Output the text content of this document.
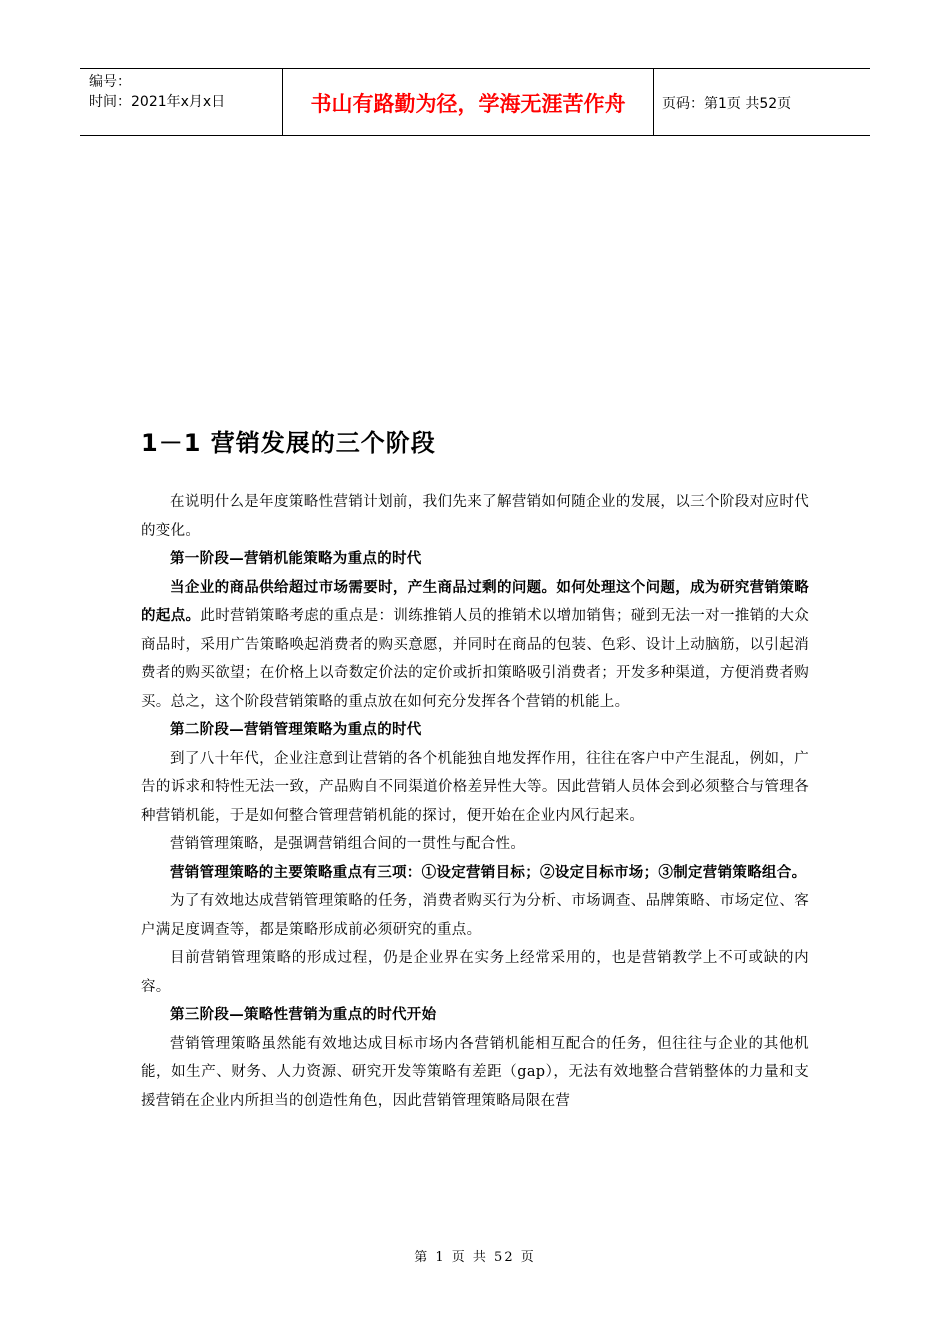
编号：
时间：2021年x月x日	书山有路勤为径，学海无涯苦作舟	页码：第1页 共52页
1－1 营销发展的三个阶段

在说明什么是年度策略性营销计划前，我们先来了解营销如何随企业的发展，以三个阶段对应时代的变化。

第一阶段—营销机能策略为重点的时代

当企业的商品供给超过市场需要时，产生商品过剩的问题。如何处理这个问题，成为研究营销策略的起点。此时营销策略考虑的重点是：训练推销人员的推销术以增加销售；碰到无法一对一推销的大众商品时，采用广告策略唤起消费者的购买意愿，并同时在商品的包装、色彩、设计上动脑筋，以引起消费者的购买欲望；在价格上以奇数定价法的定价或折扣策略吸引消费者；开发多种渠道，方便消费者购买。总之，这个阶段营销策略的重点放在如何充分发挥各个营销的机能上。

第二阶段—营销管理策略为重点的时代

到了八十年代，企业注意到让营销的各个机能独自地发挥作用，往往在客户中产生混乱，例如，广告的诉求和特性无法一致，产品购自不同渠道价格差异性大等。因此营销人员体会到必须整合与管理各种营销机能，于是如何整合管理营销机能的探讨，便开始在企业内风行起来。

营销管理策略，是强调营销组合间的一贯性与配合性。

营销管理策略的主要策略重点有三项：①设定营销目标；②设定目标市场；③制定营销策略组合。

为了有效地达成营销管理策略的任务，消费者购买行为分析、市场调查、品牌策略、市场定位、客户满足度调查等，都是策略形成前必须研究的重点。

目前营销管理策略的形成过程，仍是企业界在实务上经常采用的，也是营销教学上不可或缺的内容。

第三阶段—策略性营销为重点的时代开始

营销管理策略虽然能有效地达成目标市场内各营销机能相互配合的任务，但往往与企业的其他机能，如生产、财务、人力资源、研究开发等策略有差距（gap），无法有效地整合营销整体的力量和支援营销在企业内所担当的创造性角色，因此营销管理策略局限在营

第 1 页 共 52 页
